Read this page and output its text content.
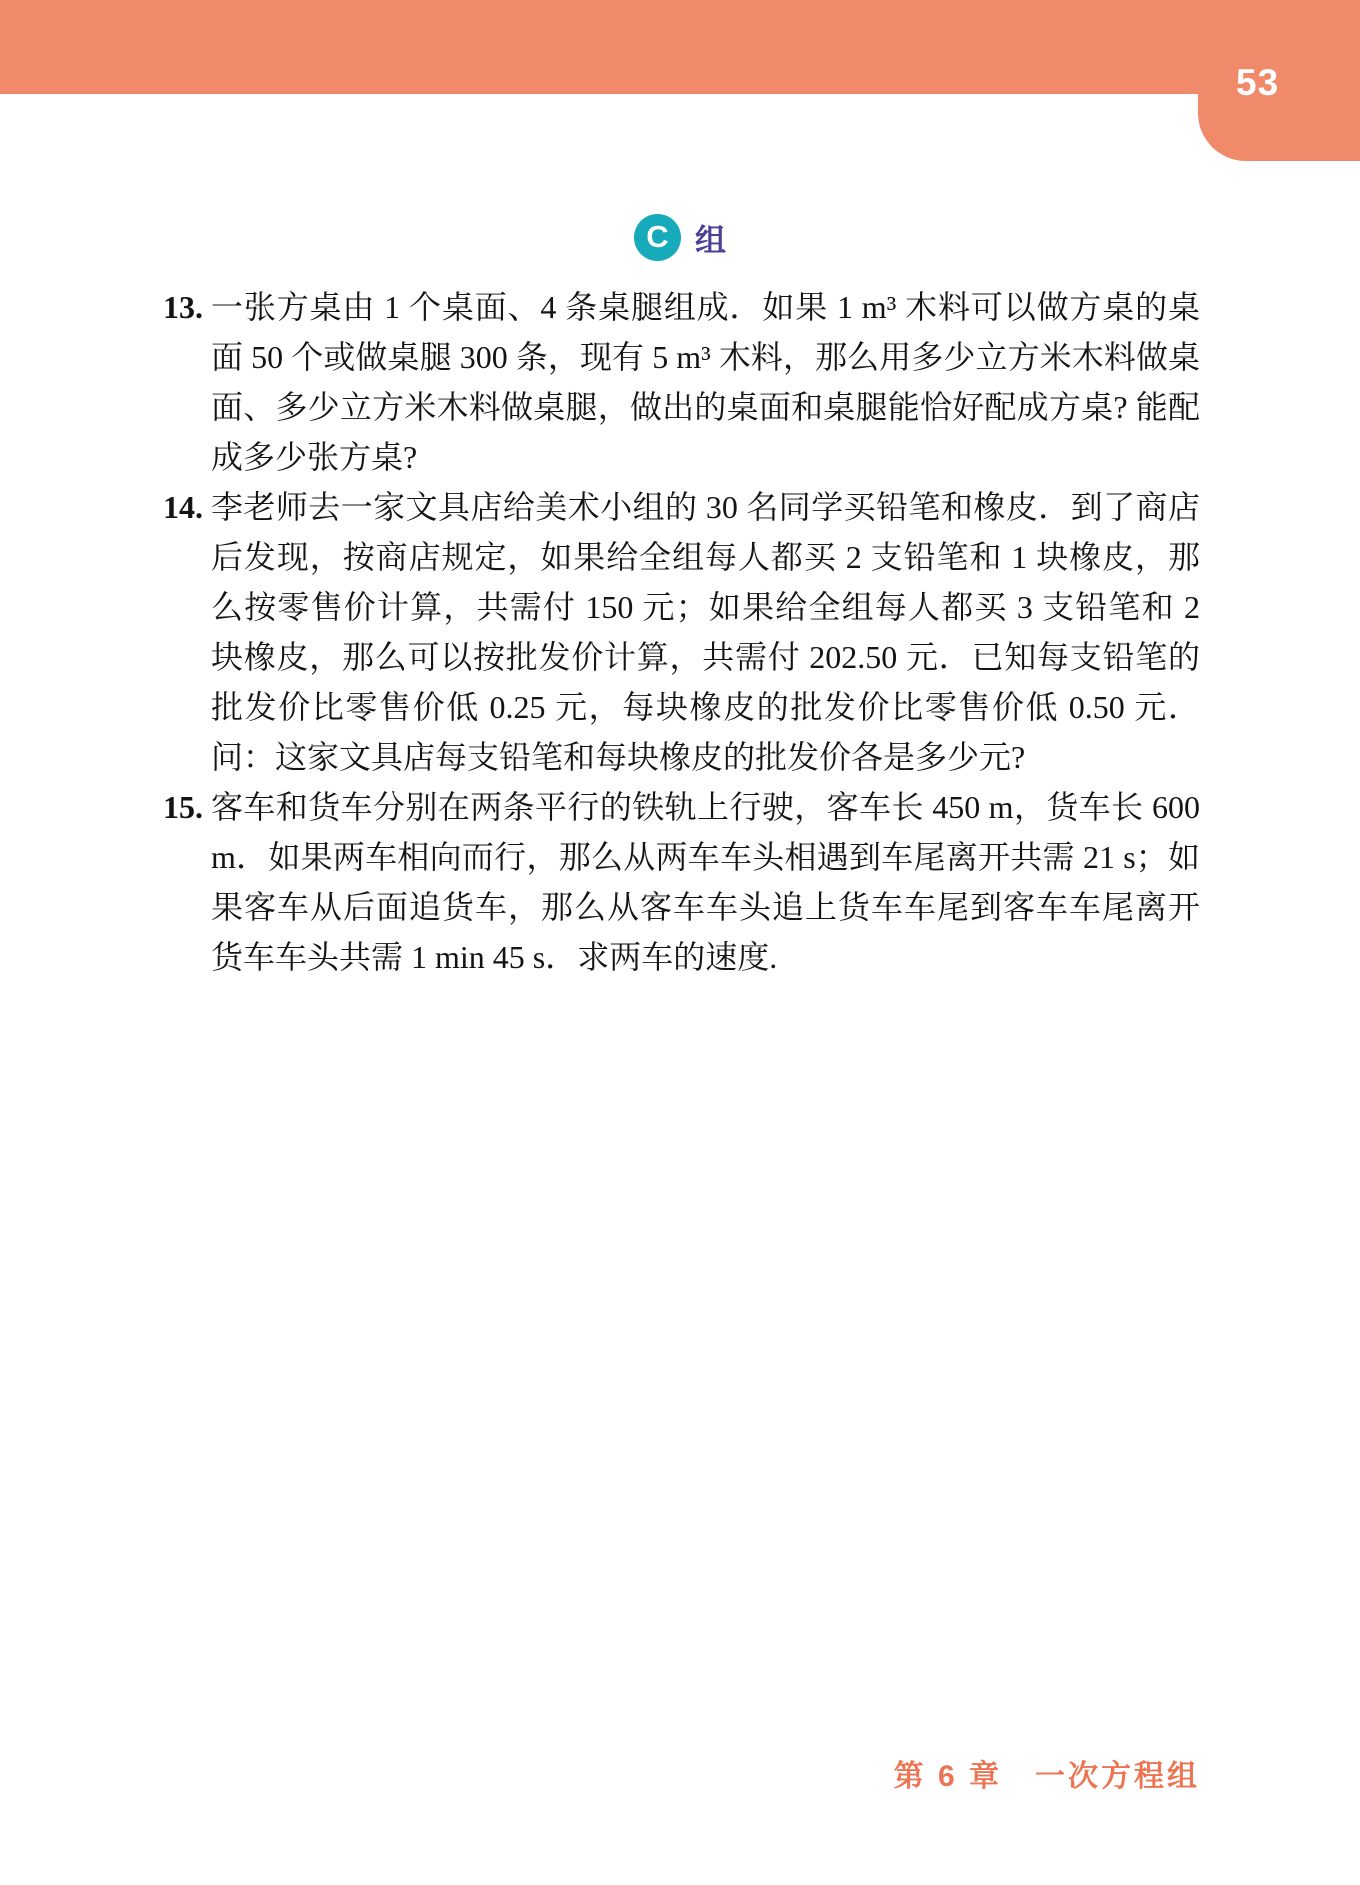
53
C 组
13. 一张方桌由 1 个桌面、4 条桌腿组成．如果 1 m³ 木料可以做方桌的桌面 50 个或做桌腿 300 条，现有 5 m³ 木料，那么用多少立方米木料做桌面、多少立方米木料做桌腿，做出的桌面和桌腿能恰好配成方桌? 能配成多少张方桌?
14. 李老师去一家文具店给美术小组的 30 名同学买铅笔和橡皮．到了商店后发现，按商店规定，如果给全组每人都买 2 支铅笔和 1 块橡皮，那么按零售价计算，共需付 150 元；如果给全组每人都买 3 支铅笔和 2 块橡皮，那么可以按批发价计算，共需付 202.50 元．已知每支铅笔的批发价比零售价低 0.25 元，每块橡皮的批发价比零售价低 0.50 元．问：这家文具店每支铅笔和每块橡皮的批发价各是多少元?
15. 客车和货车分别在两条平行的铁轨上行驶，客车长 450 m，货车长 600 m．如果两车相向而行，那么从两车车头相遇到车尾离开共需 21 s；如果客车从后面追货车，那么从客车车头追上货车车尾到客车车尾离开货车车头共需 1 min 45 s．求两车的速度.
第 6 章　一次方程组
